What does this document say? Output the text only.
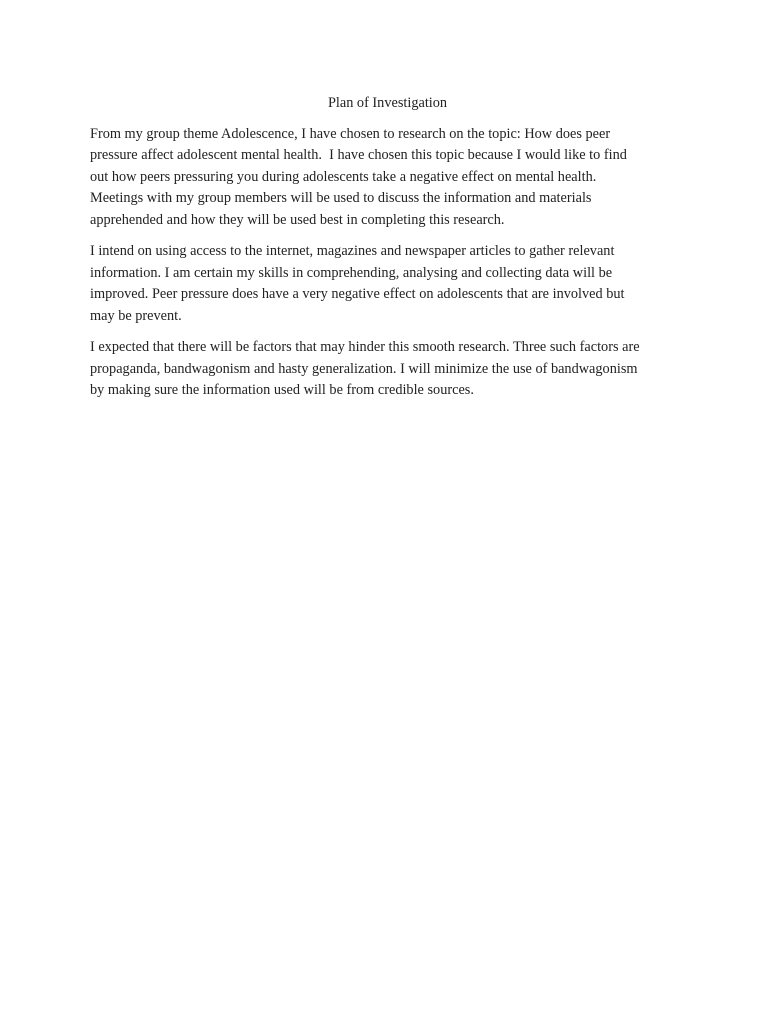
Plan of Investigation
From my group theme Adolescence, I have chosen to research on the topic: How does peer
pressure affect adolescent mental health.  I have chosen this topic because I would like to find
out how peers pressuring you during adolescents take a negative effect on mental health.
Meetings with my group members will be used to discuss the information and materials
apprehended and how they will be used best in completing this research.
I intend on using access to the internet, magazines and newspaper articles to gather relevant
information. I am certain my skills in comprehending, analysing and collecting data will be
improved. Peer pressure does have a very negative effect on adolescents that are involved but
may be prevent.
I expected that there will be factors that may hinder this smooth research. Three such factors are
propaganda, bandwagonism and hasty generalization. I will minimize the use of bandwagonism
by making sure the information used will be from credible sources.
